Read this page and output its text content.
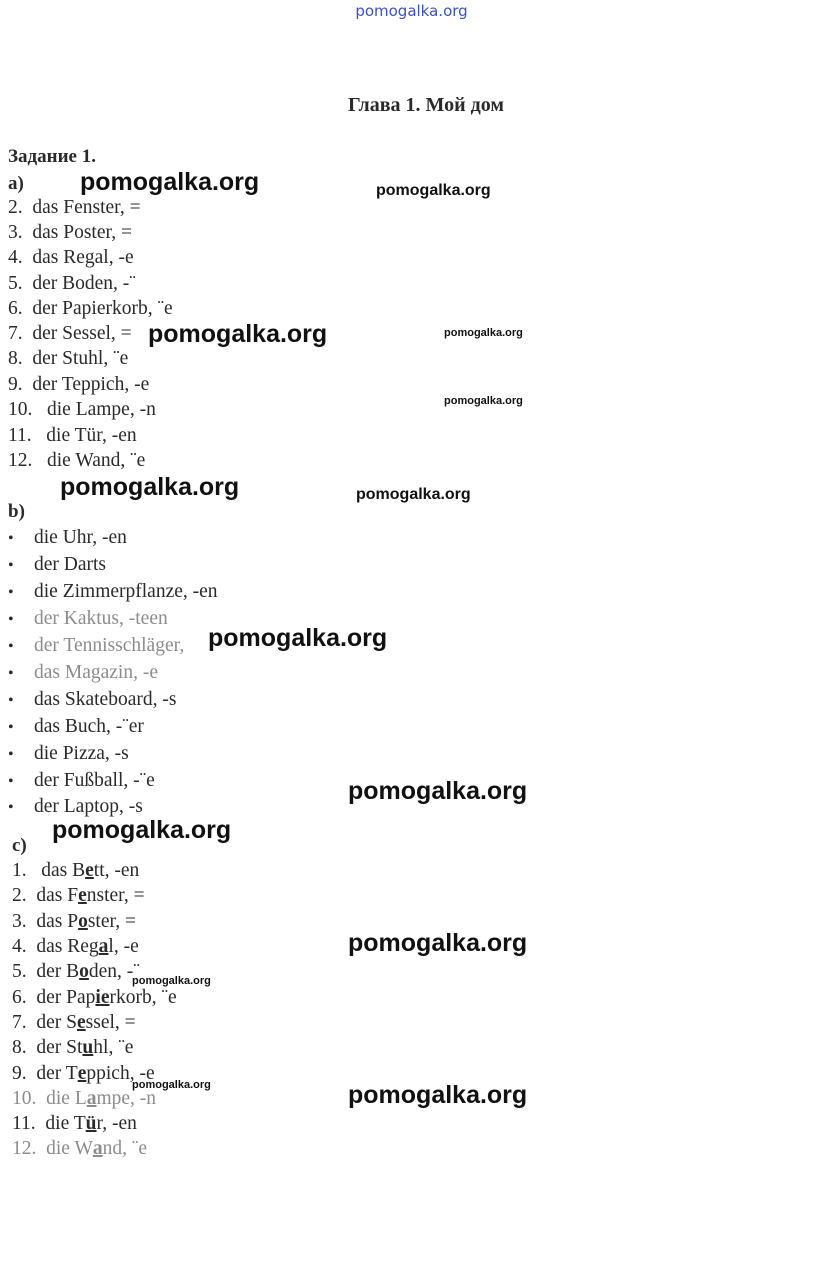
pomogalka.org
Глава 1. Мой дом
Задание 1.
a)
2. das Fenster, =
3. das Poster, =
4. das Regal, -e
5. der Boden, -¨
6. der Papierkorb, ¨e
7. der Sessel, =
8. der Stuhl, ¨e
9. der Teppich, -e
10. die Lampe, -n
11. die Tür, -en
12. die Wand, ¨e
b)
• die Uhr, -en
• der Darts
• die Zimmerpflanze, -en
• der Kaktus, -teen
• der Tennisschläger,
• das Magazin, -e
• das Skateboard, -s
• das Buch, -¨er
• die Pizza, -s
• der Fußball, -¨e
• der Laptop, -s
c)
1. das Bett, -en
2. das Fenster, =
3. das Poster, =
4. das Regal, -e
5. der Boden, -¨
6. der Papierkorb, ¨e
7. der Sessel, =
8. der Stuhl, ¨e
9. der Teppich, -e
10. die Lampe, -n
11. die Tür, -en
12. die Wand, ¨e
pomogalka.org	pomogalka.org
pomogalka.org	pomogalka.org
pomogalka.org
pomogalka.org	pomogalka.org
pomogalka.org
pomogalka.org
pomogalka.org
pomogalka.org
pomogalka.org
pomogalka.org	pomogalka.org
